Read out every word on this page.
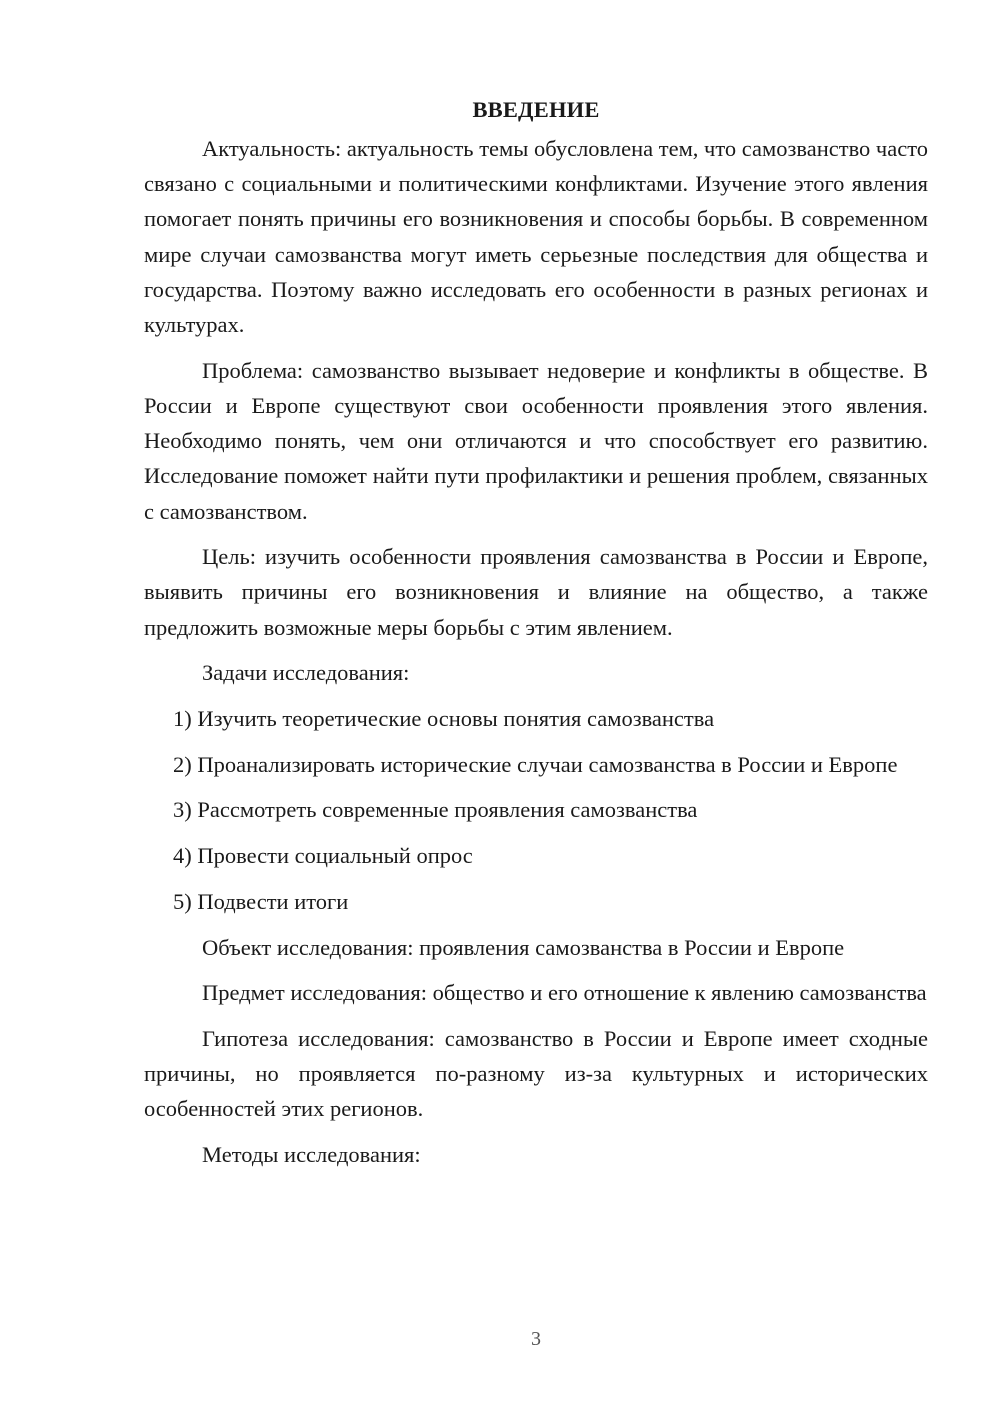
ВВЕДЕНИЕ

Актуальность: актуальность темы обусловлена тем, что самозванство часто связано с социальными и политическими конфликтами. Изучение этого явления помогает понять причины его возникновения и способы борьбы. В современном мире случаи самозванства могут иметь серьезные последствия для общества и государства. Поэтому важно исследовать его особенности в разных регионах и культурах.

Проблема: самозванство вызывает недоверие и конфликты в обществе. В России и Европе существуют свои особенности проявления этого явления. Необходимо понять, чем они отличаются и что способствует его развитию. Исследование поможет найти пути профилактики и решения проблем, связанных с самозванством.

Цель: изучить особенности проявления самозванства в России и Европе, выявить причины его возникновения и влияние на общество, а также предложить возможные меры борьбы с этим явлением.

Задачи исследования:

1) Изучить теоретические основы понятия самозванства

2) Проанализировать исторические случаи самозванства в России и Европе

3) Рассмотреть современные проявления самозванства

4) Провести социальный опрос

5) Подвести итоги

Объект исследования: проявления самозванства в России и Европе

Предмет исследования: общество и его отношение к явлению самозванства

Гипотеза исследования: самозванство в России и Европе имеет сходные причины, но проявляется по-разному из-за культурных и исторических особенностей этих регионов.

Методы исследования:

3
